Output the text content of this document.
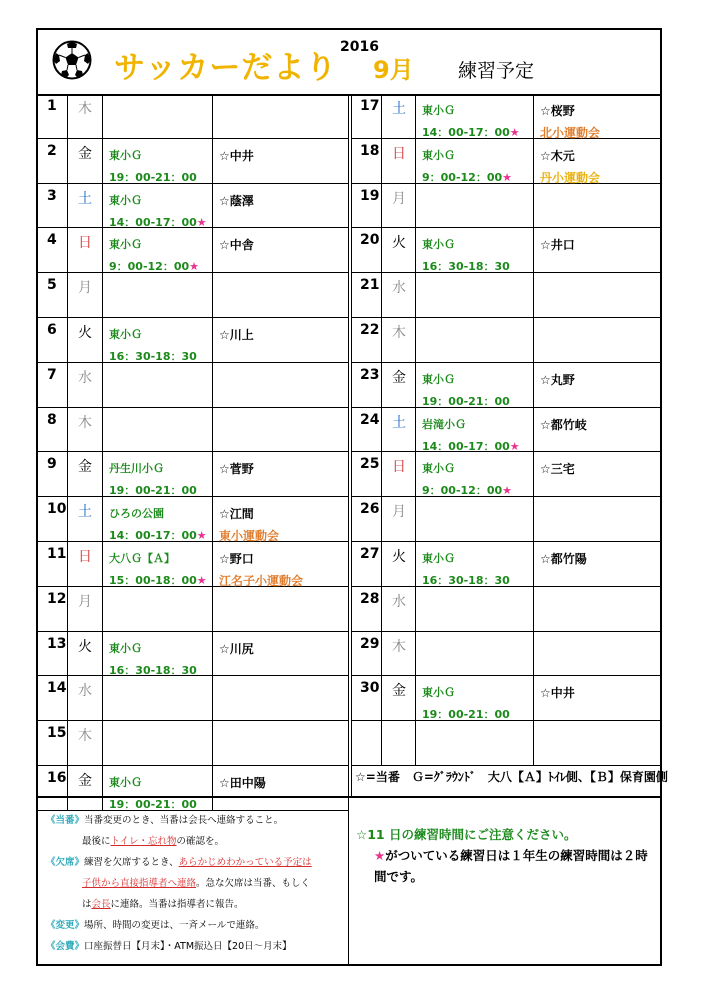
サッカーだより
2016
9月 練習予定
1	木
2	金	東小Ｇ
19：00-21：00
☆中井
3	土	東小Ｇ
14：00-17：00★
☆蔭澤
4	日	東小Ｇ
9：00-12：00★
☆中舎
5	月
6	火	東小Ｇ
16：30-18：30
☆川上
7	水
8	木
9	金	丹生川小Ｇ
19：00-21：00
☆菅野
10 土	ひろの公園
14：00-17：00★
☆江間
東小運動会
11 日	大八Ｇ【Ａ】
15：00-18：00★
☆野口
江名子小運動会
12 月
13 火	東小Ｇ
16：30-18：30
☆川尻
14 水
15 木
16 金	東小Ｇ
19：00-21：00
☆田中陽
17 土	東小Ｇ
14：00-17：00★
☆桜野
北小運動会
18 日	東小Ｇ
9：00-12：00★
☆木元
丹小運動会
19 月
20 火	東小Ｇ
16：30-18：30
☆井口
21 水
22 木
23 金	東小Ｇ
19：00-21：00
☆丸野
24 土	岩滝小Ｇ
14：00-17：00★
☆都竹岐
25 日	東小Ｇ
9：00-12：00★
☆三宅
26 月
27 火	東小Ｇ
16：30-18：30
☆都竹陽
28 水
29 木
30 金	東小Ｇ
19：00-21：00
☆中井
☆=当番　Ｇ=ｸﾞﾗｳﾝﾄﾞ　大八【Ａ】ﾄｲﾚ側、【Ｂ】保育園側
《当番》当番変更のとき、当番は会長へ連絡すること。
最後にトイレ・忘れ物の確認を。
《欠席》練習を欠席するとき、あらかじめわかっている予定は
子供から直接指導者へ連絡。急な欠席は当番、もしく
は会長に連絡。当番は指導者に報告。
《変更》場所、時間の変更は、一斉メールで連絡。
《会費》口座振替日【月末】・ATM振込日【20日～月末】
☆11 日の練習時間にご注意ください。
★がついている練習日は１年生の練習時間は２時
間です。
